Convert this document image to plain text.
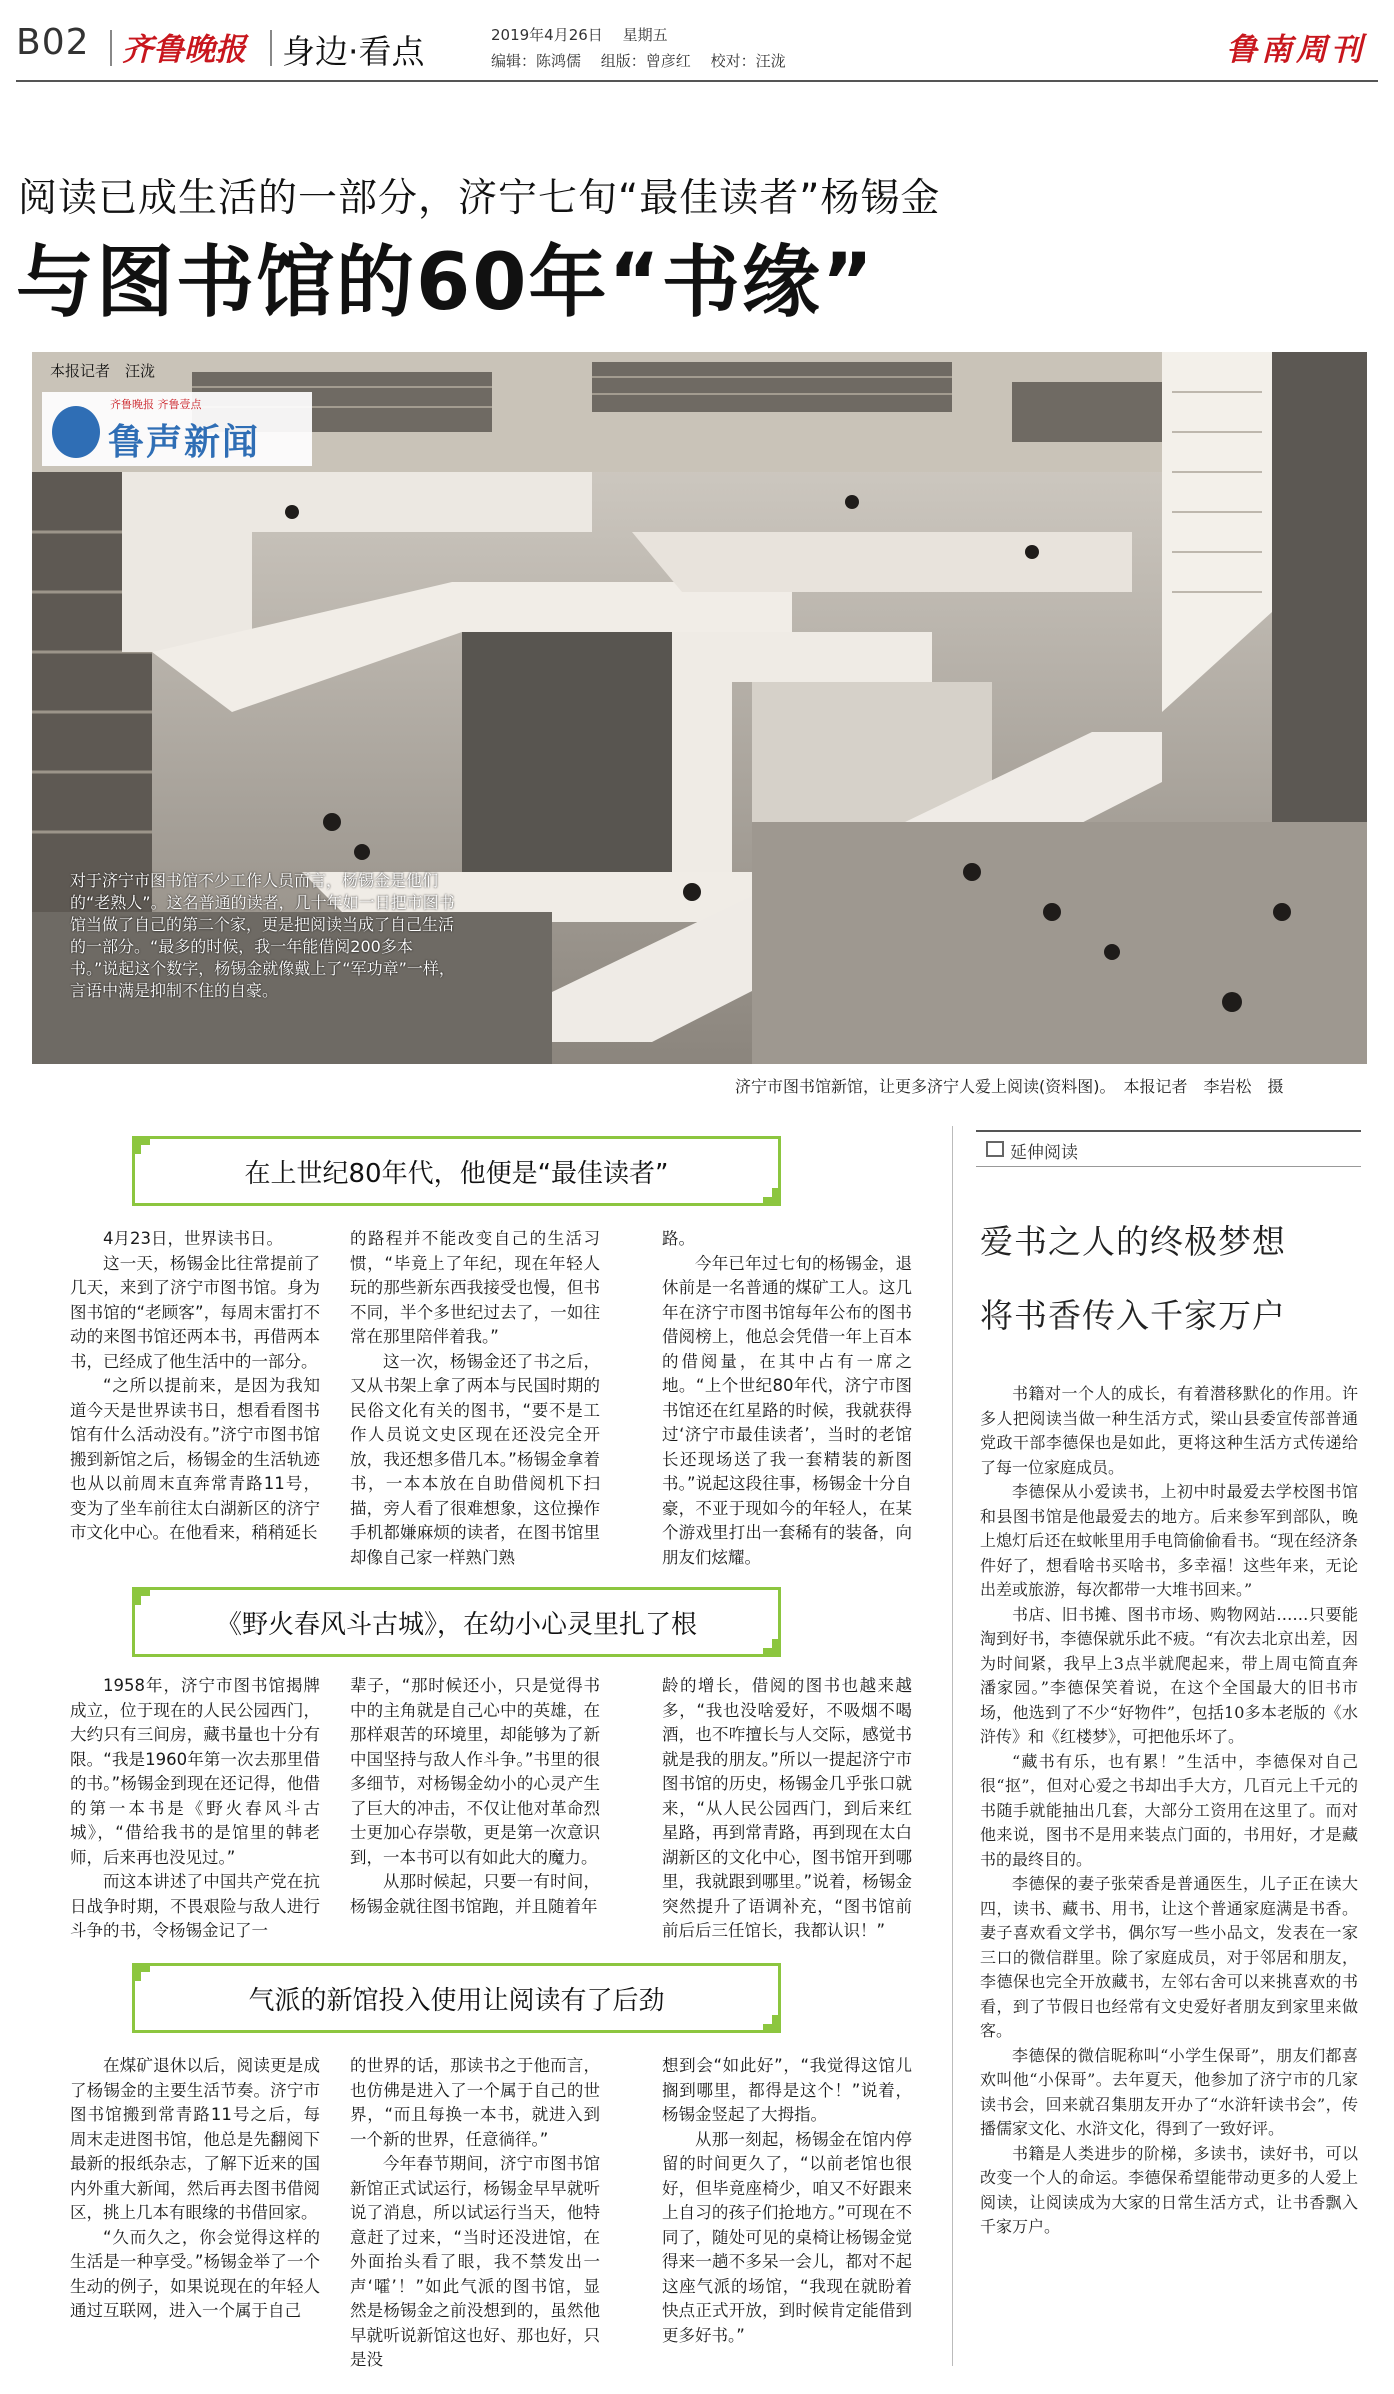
B02 齐鲁晚报 身边·看点	2019年4月26日　 星期五
编辑：陈鸿儒　 组版：曾彦红　 校对：汪泷	鲁南周刊
阅读已成生活的一部分，济宁七旬“最佳读者”杨锡金
与图书馆的60年“书缘”
本报记者　汪泷
齐鲁晚报 齐鲁壹点
鲁声新闻
对于济宁市图书馆不少工作人员而言，杨锡金是他们的“老熟人”。这名普通的读者，几十年如一日把市图书馆当做了自己的第二个家，更是把阅读当成了自己生活的一部分。“最多的时候，我一年能借阅200多本书。”说起这个数字，杨锡金就像戴上了“军功章”一样，言语中满是抑制不住的自豪。
济宁市图书馆新馆，让更多济宁人爱上阅读(资料图)。　本报记者　李岩松　摄
在上世纪80年代，他便是“最佳读者”

4月23日，世界读书日。

这一天，杨锡金比往常提前了几天，来到了济宁市图书馆。身为图书馆的“老顾客”，每周末雷打不动的来图书馆还两本书，再借两本书，已经成了他生活中的一部分。

“之所以提前来，是因为我知道今天是世界读书日，想看看图书馆有什么活动没有。”济宁市图书馆搬到新馆之后，杨锡金的生活轨迹也从以前周末直奔常青路11号，变为了坐车前往太白湖新区的济宁市文化中心。在他看来，稍稍延长

的路程并不能改变自己的生活习惯，“毕竟上了年纪，现在年轻人玩的那些新东西我接受也慢，但书不同，半个多世纪过去了，一如往常在那里陪伴着我。”

这一次，杨锡金还了书之后，又从书架上拿了两本与民国时期的民俗文化有关的图书，“要不是工作人员说文史区现在还没完全开放，我还想多借几本。”杨锡金拿着书，一本本放在自助借阅机下扫描，旁人看了很难想象，这位操作手机都嫌麻烦的读者，在图书馆里却像自己家一样熟门熟

路。

今年已年过七旬的杨锡金，退休前是一名普通的煤矿工人。这几年在济宁市图书馆每年公布的图书借阅榜上，他总会凭借一年上百本的借阅量，在其中占有一席之地。“上个世纪80年代，济宁市图书馆还在红星路的时候，我就获得过‘济宁市最佳读者’，当时的老馆长还现场送了我一套精装的新图书。”说起这段往事，杨锡金十分自豪，不亚于现如今的年轻人，在某个游戏里打出一套稀有的装备，向朋友们炫耀。

《野火春风斗古城》，在幼小心灵里扎了根

1958年，济宁市图书馆揭牌成立，位于现在的人民公园西门，大约只有三间房，藏书量也十分有限。“我是1960年第一次去那里借的书。”杨锡金到现在还记得，他借的第一本书是《野火春风斗古城》，“借给我书的是馆里的韩老师，后来再也没见过。”

而这本讲述了中国共产党在抗日战争时期，不畏艰险与敌人进行斗争的书，令杨锡金记了一

辈子，“那时候还小，只是觉得书中的主角就是自己心中的英雄，在那样艰苦的环境里，却能够为了新中国坚持与敌人作斗争。”书里的很多细节，对杨锡金幼小的心灵产生了巨大的冲击，不仅让他对革命烈士更加心存崇敬，更是第一次意识到，一本书可以有如此大的魔力。

从那时候起，只要一有时间，杨锡金就往图书馆跑，并且随着年

龄的增长，借阅的图书也越来越多，“我也没啥爱好，不吸烟不喝酒，也不咋擅长与人交际，感觉书就是我的朋友。”所以一提起济宁市图书馆的历史，杨锡金几乎张口就来，“从人民公园西门，到后来红星路，再到常青路，再到现在太白湖新区的文化中心，图书馆开到哪里，我就跟到哪里。”说着，杨锡金突然提升了语调补充，“图书馆前前后后三任馆长，我都认识！”

气派的新馆投入使用让阅读有了后劲

在煤矿退休以后，阅读更是成了杨锡金的主要生活节奏。济宁市图书馆搬到常青路11号之后，每周末走进图书馆，他总是先翻阅下最新的报纸杂志，了解下近来的国内外重大新闻，然后再去图书借阅区，挑上几本有眼缘的书借回家。

“久而久之，你会觉得这样的生活是一种享受。”杨锡金举了一个生动的例子，如果说现在的年轻人通过互联网，进入一个属于自己

的世界的话，那读书之于他而言，也仿佛是进入了一个属于自己的世界，“而且每换一本书，就进入到一个新的世界，任意徜徉。”

今年春节期间，济宁市图书馆新馆正式试运行，杨锡金早早就听说了消息，所以试运行当天，他特意赶了过来，“当时还没进馆，在外面抬头看了眼，我不禁发出一声‘嚯’！”如此气派的图书馆，显然是杨锡金之前没想到的，虽然他早就听说新馆这也好、那也好，只是没

想到会“如此好”，“我觉得这馆儿搁到哪里，都得是这个！”说着，杨锡金竖起了大拇指。

从那一刻起，杨锡金在馆内停留的时间更久了，“以前老馆也很好，但毕竟座椅少，咱又不好跟来上自习的孩子们抢地方。”可现在不同了，随处可见的桌椅让杨锡金觉得来一趟不多呆一会儿，都对不起这座气派的场馆，“我现在就盼着快点正式开放，到时候肯定能借到更多好书。”

延伸阅读
爱书之人的终极梦想
将书香传入千家万户

书籍对一个人的成长，有着潜移默化的作用。许多人把阅读当做一种生活方式，梁山县委宣传部普通党政干部李德保也是如此，更将这种生活方式传递给了每一位家庭成员。

李德保从小爱读书，上初中时最爱去学校图书馆和县图书馆是他最爱去的地方。后来参军到部队，晚上熄灯后还在蚊帐里用手电筒偷偷看书。“现在经济条件好了，想看啥书买啥书，多幸福！这些年来，无论出差或旅游，每次都带一大堆书回来。”

书店、旧书摊、图书市场、购物网站……只要能淘到好书，李德保就乐此不疲。“有次去北京出差，因为时间紧，我早上3点半就爬起来，带上周屯简直奔潘家园。”李德保笑着说，在这个全国最大的旧书市场，他选到了不少“好物件”，包括10多本老版的《水浒传》和《红楼梦》，可把他乐坏了。

“藏书有乐，也有累！”生活中，李德保对自己很“抠”，但对心爱之书却出手大方，几百元上千元的书随手就能抽出几套，大部分工资用在这里了。而对他来说，图书不是用来装点门面的，书用好，才是藏书的最终目的。

李德保的妻子张荣香是普通医生，儿子正在读大四，读书、藏书、用书，让这个普通家庭满是书香。妻子喜欢看文学书，偶尔写一些小品文，发表在一家三口的微信群里。除了家庭成员，对于邻居和朋友，李德保也完全开放藏书，左邻右舍可以来挑喜欢的书看，到了节假日也经常有文史爱好者朋友到家里来做客。

李德保的微信昵称叫“小学生保哥”，朋友们都喜欢叫他“小保哥”。去年夏天，他参加了济宁市的几家读书会，回来就召集朋友开办了“水浒轩读书会”，传播儒家文化、水浒文化，得到了一致好评。

书籍是人类进步的阶梯，多读书，读好书，可以改变一个人的命运。李德保希望能带动更多的人爱上阅读，让阅读成为大家的日常生活方式，让书香飘入千家万户。
